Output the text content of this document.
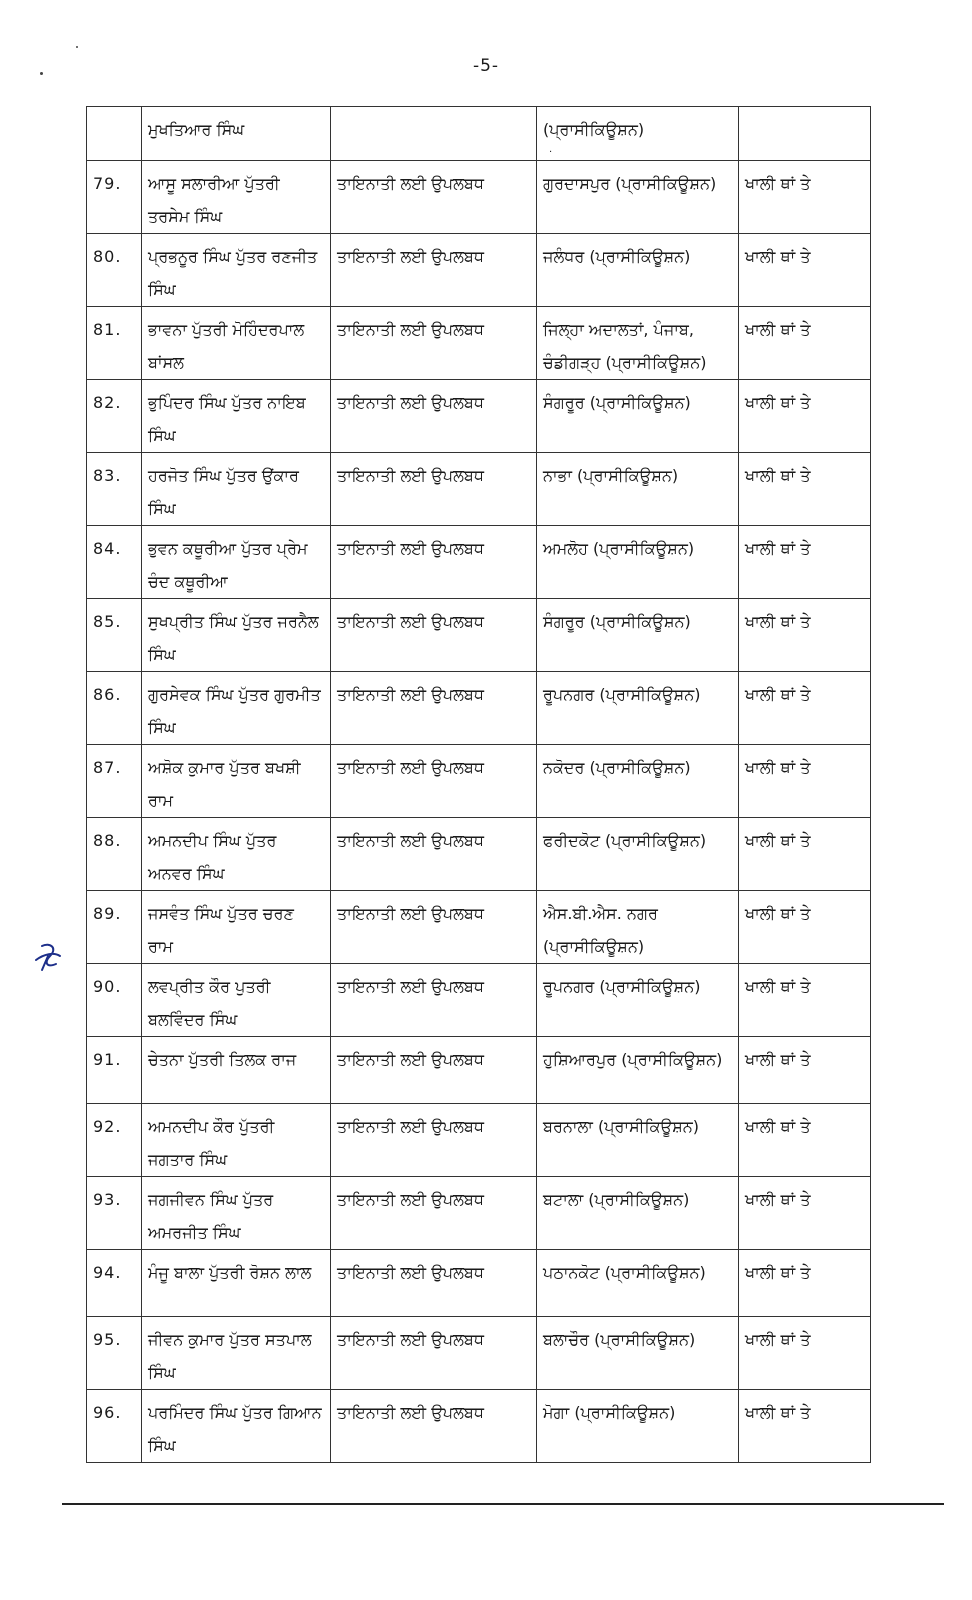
-5-
	ਮੁਖਤਿਆਰ ਸਿੰਘ		(ਪ੍ਰਾਸੀਕਿਊਸ਼ਨ)
.	

79.	ਆਸੂ ਸਲਾਰੀਆ ਪੁੱਤਰੀ ਤਰਸੇਮ ਸਿੰਘ	ਤਾਇਨਾਤੀ ਲਈ ਉਪਲਬਧ	ਗੁਰਦਾਸਪੁਰ (ਪ੍ਰਾਸੀਕਿਊਸ਼ਨ)	ਖਾਲੀ ਥਾਂ ਤੇ
80.	ਪ੍ਰਭਨੂਰ ਸਿੰਘ ਪੁੱਤਰ ਰਣਜੀਤ ਸਿੰਘ	ਤਾਇਨਾਤੀ ਲਈ ਉਪਲਬਧ	ਜਲੰਧਰ (ਪ੍ਰਾਸੀਕਿਊਸ਼ਨ)	ਖਾਲੀ ਥਾਂ ਤੇ
81.	ਭਾਵਨਾ ਪੁੱਤਰੀ ਮੋਹਿੰਦਰਪਾਲ ਬਾਂਸਲ	ਤਾਇਨਾਤੀ ਲਈ ਉਪਲਬਧ	ਜਿਲ੍ਹਾ ਅਦਾਲਤਾਂ, ਪੰਜਾਬ, ਚੰਡੀਗੜ੍ਹ (ਪ੍ਰਾਸੀਕਿਊਸ਼ਨ)	ਖਾਲੀ ਥਾਂ ਤੇ
82.	ਭੁਪਿੰਦਰ ਸਿੰਘ ਪੁੱਤਰ ਨਾਇਬ ਸਿੰਘ	ਤਾਇਨਾਤੀ ਲਈ ਉਪਲਬਧ	ਸੰਗਰੂਰ (ਪ੍ਰਾਸੀਕਿਊਸ਼ਨ)	ਖਾਲੀ ਥਾਂ ਤੇ
83.	ਹਰਜੋਤ ਸਿੰਘ ਪੁੱਤਰ ਉਂਕਾਰ ਸਿੰਘ	ਤਾਇਨਾਤੀ ਲਈ ਉਪਲਬਧ	ਨਾਭਾ (ਪ੍ਰਾਸੀਕਿਊਸ਼ਨ)	ਖਾਲੀ ਥਾਂ ਤੇ
84.	ਭੁਵਨ ਕਥੂਰੀਆ ਪੁੱਤਰ ਪ੍ਰੇਮ ਚੰਦ ਕਥੂਰੀਆ	ਤਾਇਨਾਤੀ ਲਈ ਉਪਲਬਧ	ਅਮਲੋਹ (ਪ੍ਰਾਸੀਕਿਊਸ਼ਨ)	ਖਾਲੀ ਥਾਂ ਤੇ
85.	ਸੁਖਪ੍ਰੀਤ ਸਿੰਘ ਪੁੱਤਰ ਜਰਨੈਲ ਸਿੰਘ	ਤਾਇਨਾਤੀ ਲਈ ਉਪਲਬਧ	ਸੰਗਰੂਰ (ਪ੍ਰਾਸੀਕਿਊਸ਼ਨ)	ਖਾਲੀ ਥਾਂ ਤੇ
86.	ਗੁਰਸੇਵਕ ਸਿੰਘ ਪੁੱਤਰ ਗੁਰਮੀਤ ਸਿੰਘ	ਤਾਇਨਾਤੀ ਲਈ ਉਪਲਬਧ	ਰੂਪਨਗਰ (ਪ੍ਰਾਸੀਕਿਊਸ਼ਨ)	ਖਾਲੀ ਥਾਂ ਤੇ
87.	ਅਸ਼ੋਕ ਕੁਮਾਰ ਪੁੱਤਰ ਬਖਸ਼ੀ ਰਾਮ	ਤਾਇਨਾਤੀ ਲਈ ਉਪਲਬਧ	ਨਕੋਦਰ (ਪ੍ਰਾਸੀਕਿਊਸ਼ਨ)	ਖਾਲੀ ਥਾਂ ਤੇ
88.	ਅਮਨਦੀਪ ਸਿੰਘ ਪੁੱਤਰ ਅਨਵਰ ਸਿੰਘ	ਤਾਇਨਾਤੀ ਲਈ ਉਪਲਬਧ	ਫਰੀਦਕੋਟ (ਪ੍ਰਾਸੀਕਿਊਸ਼ਨ)	ਖਾਲੀ ਥਾਂ ਤੇ
89.	ਜਸਵੰਤ ਸਿੰਘ ਪੁੱਤਰ ਚਰਣ ਰਾਮ	ਤਾਇਨਾਤੀ ਲਈ ਉਪਲਬਧ	ਐਸ.ਬੀ.ਐਸ. ਨਗਰ (ਪ੍ਰਾਸੀਕਿਊਸ਼ਨ)	ਖਾਲੀ ਥਾਂ ਤੇ
90.	ਲਵਪ੍ਰੀਤ ਕੌਰ ਪੁਤਰੀ ਬਲਵਿੰਦਰ ਸਿੰਘ	ਤਾਇਨਾਤੀ ਲਈ ਉਪਲਬਧ	ਰੂਪਨਗਰ (ਪ੍ਰਾਸੀਕਿਊਸ਼ਨ)	ਖਾਲੀ ਥਾਂ ਤੇ
91.	ਚੇਤਨਾ ਪੁੱਤਰੀ ਤਿਲਕ ਰਾਜ	ਤਾਇਨਾਤੀ ਲਈ ਉਪਲਬਧ	ਹੁਸ਼ਿਆਰਪੁਰ (ਪ੍ਰਾਸੀਕਿਊਸ਼ਨ)	ਖਾਲੀ ਥਾਂ ਤੇ
92.	ਅਮਨਦੀਪ ਕੌਰ ਪੁੱਤਰੀ ਜਗਤਾਰ ਸਿੰਘ	ਤਾਇਨਾਤੀ ਲਈ ਉਪਲਬਧ	ਬਰਨਾਲਾ (ਪ੍ਰਾਸੀਕਿਊਸ਼ਨ)	ਖਾਲੀ ਥਾਂ ਤੇ
93.	ਜਗਜੀਵਨ ਸਿੰਘ ਪੁੱਤਰ ਅਮਰਜੀਤ ਸਿੰਘ	ਤਾਇਨਾਤੀ ਲਈ ਉਪਲਬਧ	ਬਟਾਲਾ (ਪ੍ਰਾਸੀਕਿਊਸ਼ਨ)	ਖਾਲੀ ਥਾਂ ਤੇ
94.	ਮੰਜੂ ਬਾਲਾ ਪੁੱਤਰੀ ਰੋਸ਼ਨ ਲਾਲ	ਤਾਇਨਾਤੀ ਲਈ ਉਪਲਬਧ	ਪਠਾਨਕੋਟ (ਪ੍ਰਾਸੀਕਿਊਸ਼ਨ)	ਖਾਲੀ ਥਾਂ ਤੇ
95.	ਜੀਵਨ ਕੁਮਾਰ ਪੁੱਤਰ ਸਤਪਾਲ ਸਿੰਘ	ਤਾਇਨਾਤੀ ਲਈ ਉਪਲਬਧ	ਬਲਾਚੌਰ (ਪ੍ਰਾਸੀਕਿਊਸ਼ਨ)	ਖਾਲੀ ਥਾਂ ਤੇ
96.	ਪਰਮਿੰਦਰ ਸਿੰਘ ਪੁੱਤਰ ਗਿਆਨ ਸਿੰਘ	ਤਾਇਨਾਤੀ ਲਈ ਉਪਲਬਧ	ਮੋਗਾ (ਪ੍ਰਾਸੀਕਿਊਸ਼ਨ)	ਖਾਲੀ ਥਾਂ ਤੇ
